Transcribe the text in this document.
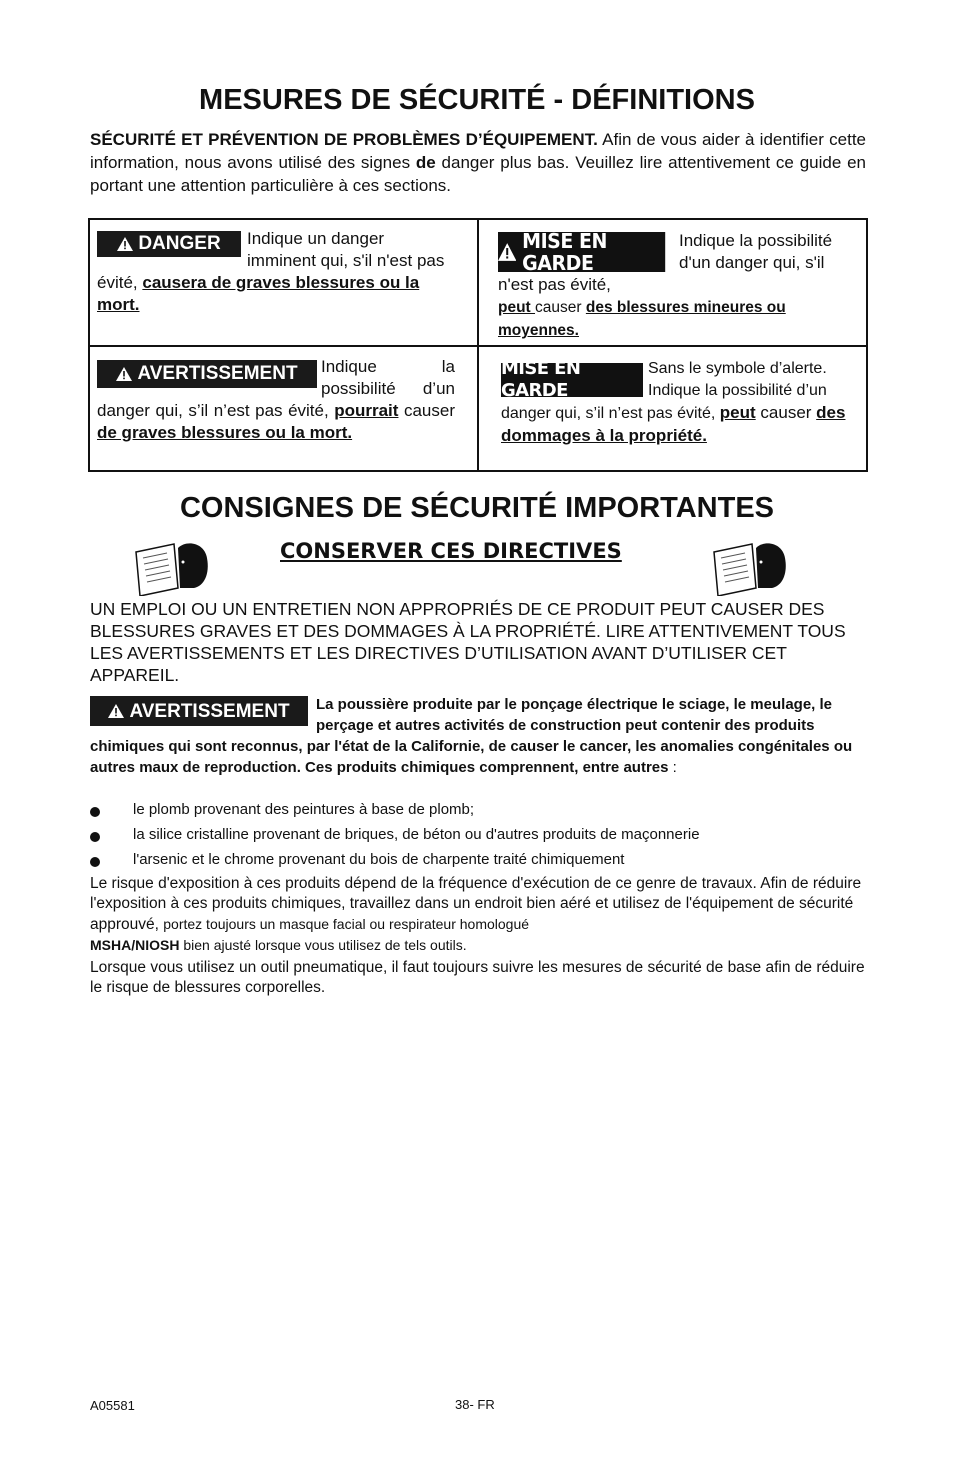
MESURES DE SÉCURITÉ - DÉFINITIONS
SÉCURITÉ ET PRÉVENTION DE PROBLÈMES D’ÉQUIPEMENT. Afin de vous aider à identifier cette information, nous avons utilisé des signes de danger plus bas. Veuillez lire attentivement ce guide en portant une attention particulière à ces sections.
DANGER Indique un danger imminent qui, s'il n'est pas évité, causera de graves blessures ou la mort.
MISE EN GARDE
Indique la possibilité d'un danger qui, s'il n'est pas évité,
peut causer des blessures mineures ou moyennes.
AVERTISSEMENT Indique la possibilité d’un danger qui, s’il n’est pas évité, pourrait causer de graves blessures ou la mort.
MISE EN GARDE
Sans le symbole d’alerte. Indique la possibilité d’un danger qui, s’il n’est pas évité, peut causer des dommages à la propriété.
CONSIGNES DE SÉCURITÉ IMPORTANTES
CONSERVER CES DIRECTIVES
UN EMPLOI OU UN ENTRETIEN NON APPROPRIÉS DE CE PRODUIT PEUT CAUSER DES BLESSURES GRAVES ET DES DOMMAGES À LA PROPRIÉTÉ. LIRE ATTENTIVEMENT TOUS LES AVERTISSEMENTS ET LES DIRECTIVES D’UTILISATION AVANT D’UTILISER CET APPAREIL.
AVERTISSEMENT La poussière produite par le ponçage électrique le sciage, le meulage, le perçage et autres activités de construction peut contenir des produits chimiques qui sont reconnus, par l'état de la Californie, de causer le cancer, les anomalies congénitales ou autres maux de reproduction. Ces produits chimiques comprennent, entre autres :
le plomb provenant des peintures à base de plomb;
la silice cristalline provenant de briques, de béton ou d'autres produits de maçonnerie
l'arsenic et le chrome provenant du bois de charpente traité chimiquement
Le risque d'exposition à ces produits dépend de la fréquence d'exécution de ce genre de travaux. Afin de réduire l'exposition à ces produits chimiques, travaillez dans un endroit bien aéré et utilisez de l'équipement de sécurité approuvé, portez toujours un masque facial ou respirateur homologué
MSHA/NIOSH bien ajusté lorsque vous utilisez de tels outils.
Lorsque vous utilisez un outil pneumatique, il faut toujours suivre les mesures de sécurité de base afin de réduire le risque de blessures corporelles.
A05581	38- FR
